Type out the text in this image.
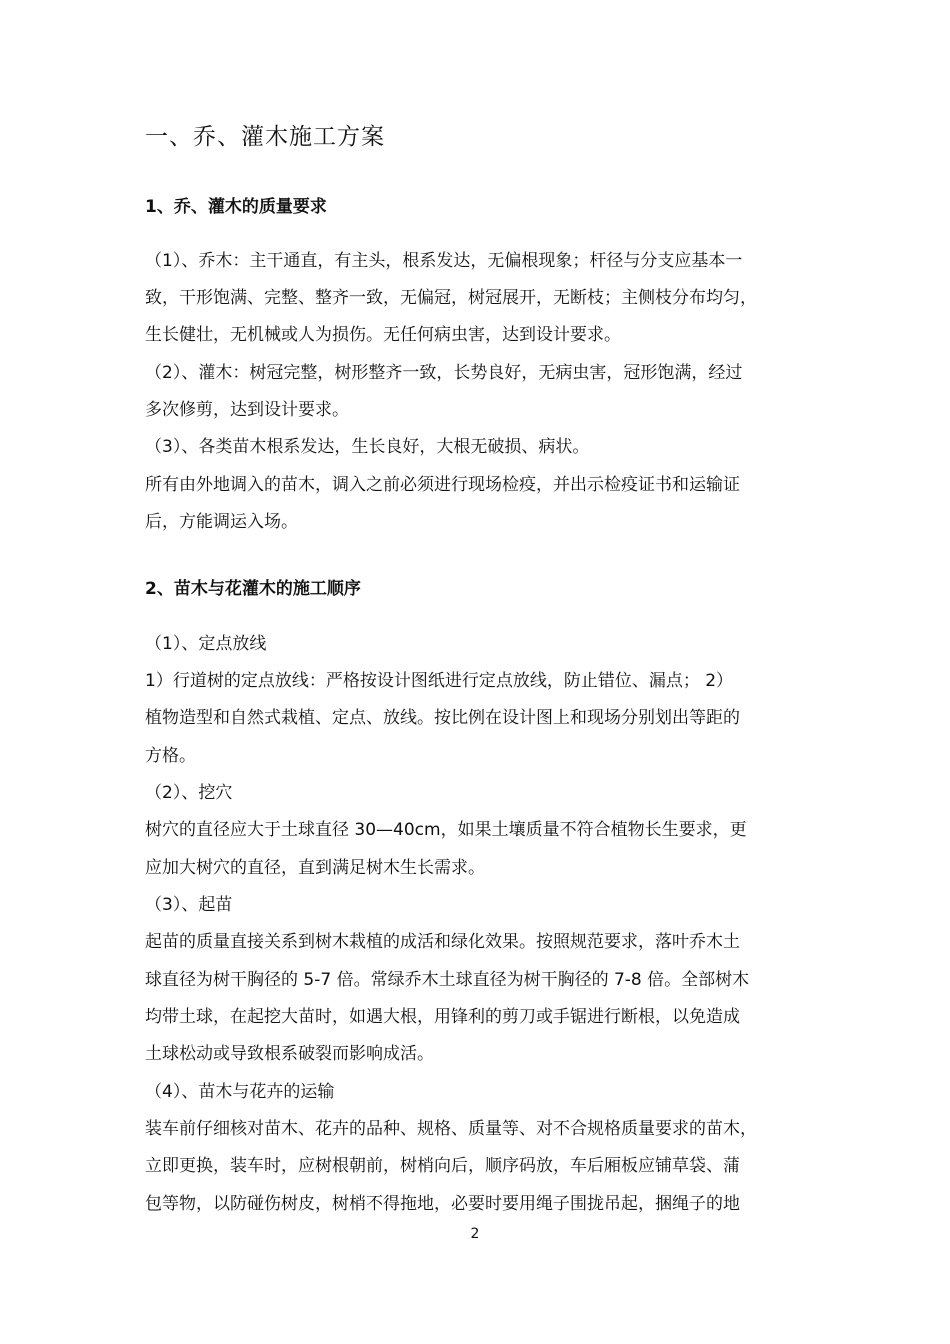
一、乔、灌木施工方案
1、乔、灌木的质量要求

（1）、乔木：主干通直，有主头，根系发达，无偏根现象；杆径与分支应基本一

致，干形饱满、完整、整齐一致，无偏冠，树冠展开，无断枝；主侧枝分布均匀，

生长健壮，无机械或人为损伤。无任何病虫害，达到设计要求。

（2）、灌木：树冠完整，树形整齐一致，长势良好，无病虫害，冠形饱满，经过

多次修剪，达到设计要求。

（3）、各类苗木根系发达，生长良好，大根无破损、病状。

所有由外地调入的苗木，调入之前必须进行现场检疫，并出示检疫证书和运输证

后，方能调运入场。

2、苗木与花灌木的施工顺序

（1）、定点放线

1）行道树的定点放线：严格按设计图纸进行定点放线，防止错位、漏点； 2）

植物造型和自然式栽植、定点、放线。按比例在设计图上和现场分别划出等距的

方格。

（2）、挖穴

树穴的直径应大于土球直径 30—40cm，如果土壤质量不符合植物长生要求，更

应加大树穴的直径，直到满足树木生长需求。

（3）、起苗

起苗的质量直接关系到树木栽植的成活和绿化效果。按照规范要求，落叶乔木土

球直径为树干胸径的 5-7 倍。常绿乔木土球直径为树干胸径的 7-8 倍。全部树木

均带土球，在起挖大苗时，如遇大根，用锋利的剪刀或手锯进行断根，以免造成

土球松动或导致根系破裂而影响成活。

（4）、苗木与花卉的运输

装车前仔细核对苗木、花卉的品种、规格、质量等、对不合规格质量要求的苗木，

立即更换，装车时，应树根朝前，树梢向后，顺序码放，车后厢板应铺草袋、蒲

包等物，以防碰伤树皮，树梢不得拖地，必要时要用绳子围拢吊起，捆绳子的地

2
